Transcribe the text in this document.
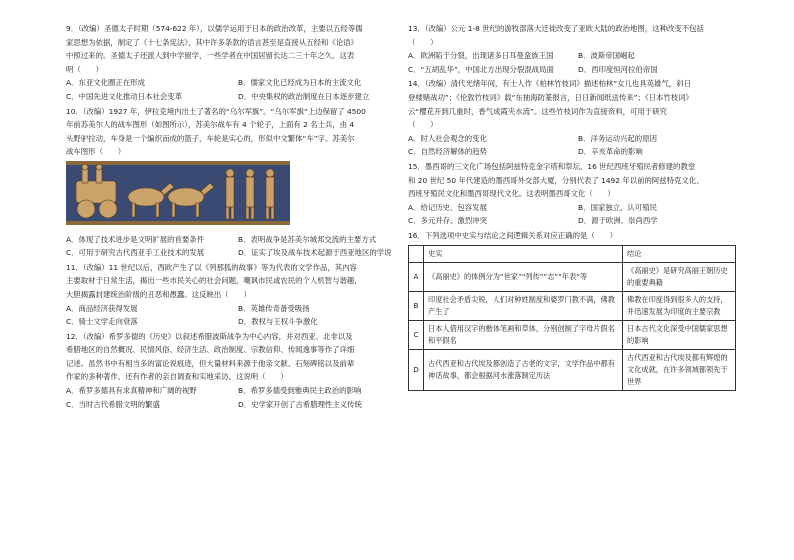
9．（改编）圣德太子时期（574-622 年），以儒学运用于日本的政治改革，主要以五经等儒

家思想为依据，制定了《十七条宪法》，其中许多条款的语言甚至是直接从五经和《论语》

中照过来的。圣德太子还派人到中学留学，一些学者在中国居留长达二三十年之久。这表

明（　　）

A．东亚文化圈正在形成	B．儒家文化已经成为日本的主流文化
C．中国先进文化推动日本社会变革	D．中央集权的政治制度在日本逐步建立

10．（改编）1927 年，伊拉克境内出土了著名的“乌尔军旗”。“乌尔军旗”上边保留了 4500

年前苏美尔人的战车图形（如图所示），苏美尔战车有 4 个轮子，上面有 2 名士兵，由 4

头野驴拉动，车身是一个编织而成的篮子，车轮是实心的，形似中文繁体“车”字。苏美尔

战车图形（　　）

A．体现了技术进步是文明扩展的首要条件	B．表明战争是苏美尔城邦交流的主要方式
C．可用于研究古代西亚手工业技术的发展	D．证实了埃及战车技术起源于西亚地区的学说

11．（改编）11 世纪以后，西欧产生了以《列那狐的故事》等为代表的文学作品，其内容

主要取材于日常生活，揭出一些市民关心的社会问题，嘲讽市民或农民的个人机智与谐趣，

大胆揭露封建统治阶级的丑恶和愚蠢。这反映出（　　）

A．商品经济获得发展	B．英雄传奇备受吸扬
C．骑士文学走向衰落	D．教权与王权斗争激化

12．（改编）希罗多德的《历史》以叙述希腊波斯战争为中心内容，并对西亚、北非以及

希腊地区的自然概况、民情风俗、经济生活、政治制度、宗教信仰、传闻逸事等作了详细

记述。虽然书中有相当多的富论说痕迹，但大量材料来源于他亲文献、石刻碑铭以及前辈

作家的多种著作，还有作者的亲自调查和实地采访。这说明（　　）

A．希罗多德具有求真精神和广阔的视野	B．希罗多德受到雅典民主政治的影响
C．当时古代希腊文明的繁盛	D．史学家开创了古希腊理性主义传统

13．（改编）公元 1-8 世纪的游牧部落大迁徙改变了亚欧大陆的政治地图，这种改变不包括

（　　）

A．欧洲陷于分裂，出现诸多日耳曼蛮族王国	B．波斯帝国崛起
C．“五胡乱华”，中国北方出现分裂混战局面	D．西印度恒河拉伯帝国

14．（改编）清代光绪年间，有士人作《柏林竹枝词》描述柏林“女儿也具英雄气，斜日

登楼赌战功”；《伦敦竹枝词》载“东抽海防篆报言，日日新闻纸送传来”；《日本竹枝词》

云“樱花开到几重时，香气成霞夹水流”。这些竹枝词作为直接资料，可用于研究

（　　）

A．时人社会观念的变化	B．洋务运动兴起的原因
C．自然经济解体的趋势	D．辛亥革命的影响

15．墨西哥的三文化广场包括阿兹特克金字塔和祭坛、16 世纪西班牙殖民者修建的教堂

和 20 世纪 50 年代建造的墨西哥外交部大厦，分别代表了 1492 年以前的阿兹特克文化、

西班牙殖民文化和墨西哥现代文化。这表明墨西哥文化（　　）

A．给记历史、包容发展	B．国家独立、认可殖民
C．多元并存、激烈冲突	D．源于欧洲、崇尚西学

16．下列选项中史实与结论之间逻辑关系对应正确的是（　　）

	史实	结论
A	《高丽史》的体例分为“世家”“列传”“志”“年表”等	《高丽史》是研究高丽王朝历史的重要典籍
B	印度社会矛盾尖锐，人们对种姓制度和婆罗门教不满，佛教产生了	佛教在印度得到很多人的支持，并迅速发展为印度的主要宗教
C	日本人借用汉字的楷体笔画和草体，分别创制了字母片假名和平假名	日本古代文化深受中国儒家思想的影响
D	古代西亚和古代埃及都创造了古老的文字，文学作品中都有神话故事，都会根据河水涨落制定历法	古代西亚和古代埃及都有辉煌的文化成就，在许多领域都领先于世界
